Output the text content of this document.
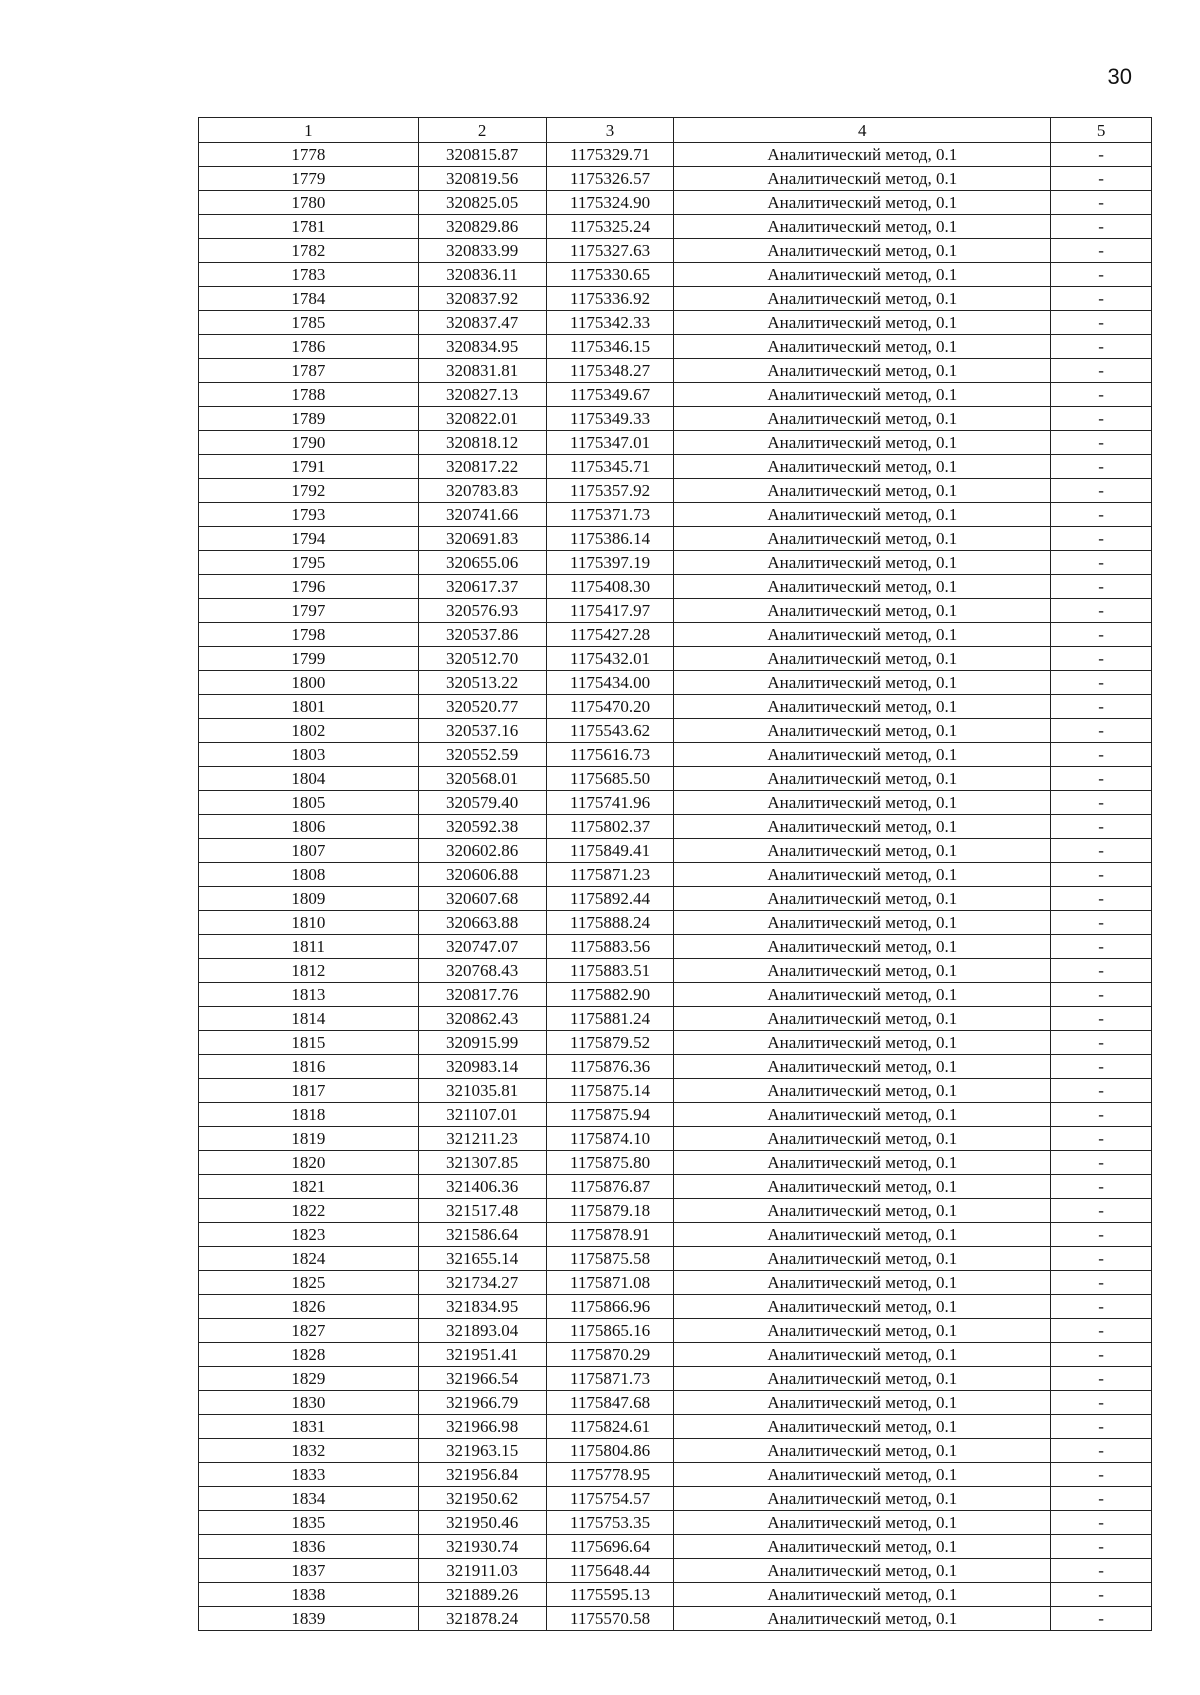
30
1	2	3	4	5
1778	320815.87	1175329.71	Аналитический метод, 0.1	-
1779	320819.56	1175326.57	Аналитический метод, 0.1	-
1780	320825.05	1175324.90	Аналитический метод, 0.1	-
1781	320829.86	1175325.24	Аналитический метод, 0.1	-
1782	320833.99	1175327.63	Аналитический метод, 0.1	-
1783	320836.11	1175330.65	Аналитический метод, 0.1	-
1784	320837.92	1175336.92	Аналитический метод, 0.1	-
1785	320837.47	1175342.33	Аналитический метод, 0.1	-
1786	320834.95	1175346.15	Аналитический метод, 0.1	-
1787	320831.81	1175348.27	Аналитический метод, 0.1	-
1788	320827.13	1175349.67	Аналитический метод, 0.1	-
1789	320822.01	1175349.33	Аналитический метод, 0.1	-
1790	320818.12	1175347.01	Аналитический метод, 0.1	-
1791	320817.22	1175345.71	Аналитический метод, 0.1	-
1792	320783.83	1175357.92	Аналитический метод, 0.1	-
1793	320741.66	1175371.73	Аналитический метод, 0.1	-
1794	320691.83	1175386.14	Аналитический метод, 0.1	-
1795	320655.06	1175397.19	Аналитический метод, 0.1	-
1796	320617.37	1175408.30	Аналитический метод, 0.1	-
1797	320576.93	1175417.97	Аналитический метод, 0.1	-
1798	320537.86	1175427.28	Аналитический метод, 0.1	-
1799	320512.70	1175432.01	Аналитический метод, 0.1	-
1800	320513.22	1175434.00	Аналитический метод, 0.1	-
1801	320520.77	1175470.20	Аналитический метод, 0.1	-
1802	320537.16	1175543.62	Аналитический метод, 0.1	-
1803	320552.59	1175616.73	Аналитический метод, 0.1	-
1804	320568.01	1175685.50	Аналитический метод, 0.1	-
1805	320579.40	1175741.96	Аналитический метод, 0.1	-
1806	320592.38	1175802.37	Аналитический метод, 0.1	-
1807	320602.86	1175849.41	Аналитический метод, 0.1	-
1808	320606.88	1175871.23	Аналитический метод, 0.1	-
1809	320607.68	1175892.44	Аналитический метод, 0.1	-
1810	320663.88	1175888.24	Аналитический метод, 0.1	-
1811	320747.07	1175883.56	Аналитический метод, 0.1	-
1812	320768.43	1175883.51	Аналитический метод, 0.1	-
1813	320817.76	1175882.90	Аналитический метод, 0.1	-
1814	320862.43	1175881.24	Аналитический метод, 0.1	-
1815	320915.99	1175879.52	Аналитический метод, 0.1	-
1816	320983.14	1175876.36	Аналитический метод, 0.1	-
1817	321035.81	1175875.14	Аналитический метод, 0.1	-
1818	321107.01	1175875.94	Аналитический метод, 0.1	-
1819	321211.23	1175874.10	Аналитический метод, 0.1	-
1820	321307.85	1175875.80	Аналитический метод, 0.1	-
1821	321406.36	1175876.87	Аналитический метод, 0.1	-
1822	321517.48	1175879.18	Аналитический метод, 0.1	-
1823	321586.64	1175878.91	Аналитический метод, 0.1	-
1824	321655.14	1175875.58	Аналитический метод, 0.1	-
1825	321734.27	1175871.08	Аналитический метод, 0.1	-
1826	321834.95	1175866.96	Аналитический метод, 0.1	-
1827	321893.04	1175865.16	Аналитический метод, 0.1	-
1828	321951.41	1175870.29	Аналитический метод, 0.1	-
1829	321966.54	1175871.73	Аналитический метод, 0.1	-
1830	321966.79	1175847.68	Аналитический метод, 0.1	-
1831	321966.98	1175824.61	Аналитический метод, 0.1	-
1832	321963.15	1175804.86	Аналитический метод, 0.1	-
1833	321956.84	1175778.95	Аналитический метод, 0.1	-
1834	321950.62	1175754.57	Аналитический метод, 0.1	-
1835	321950.46	1175753.35	Аналитический метод, 0.1	-
1836	321930.74	1175696.64	Аналитический метод, 0.1	-
1837	321911.03	1175648.44	Аналитический метод, 0.1	-
1838	321889.26	1175595.13	Аналитический метод, 0.1	-
1839	321878.24	1175570.58	Аналитический метод, 0.1	-
